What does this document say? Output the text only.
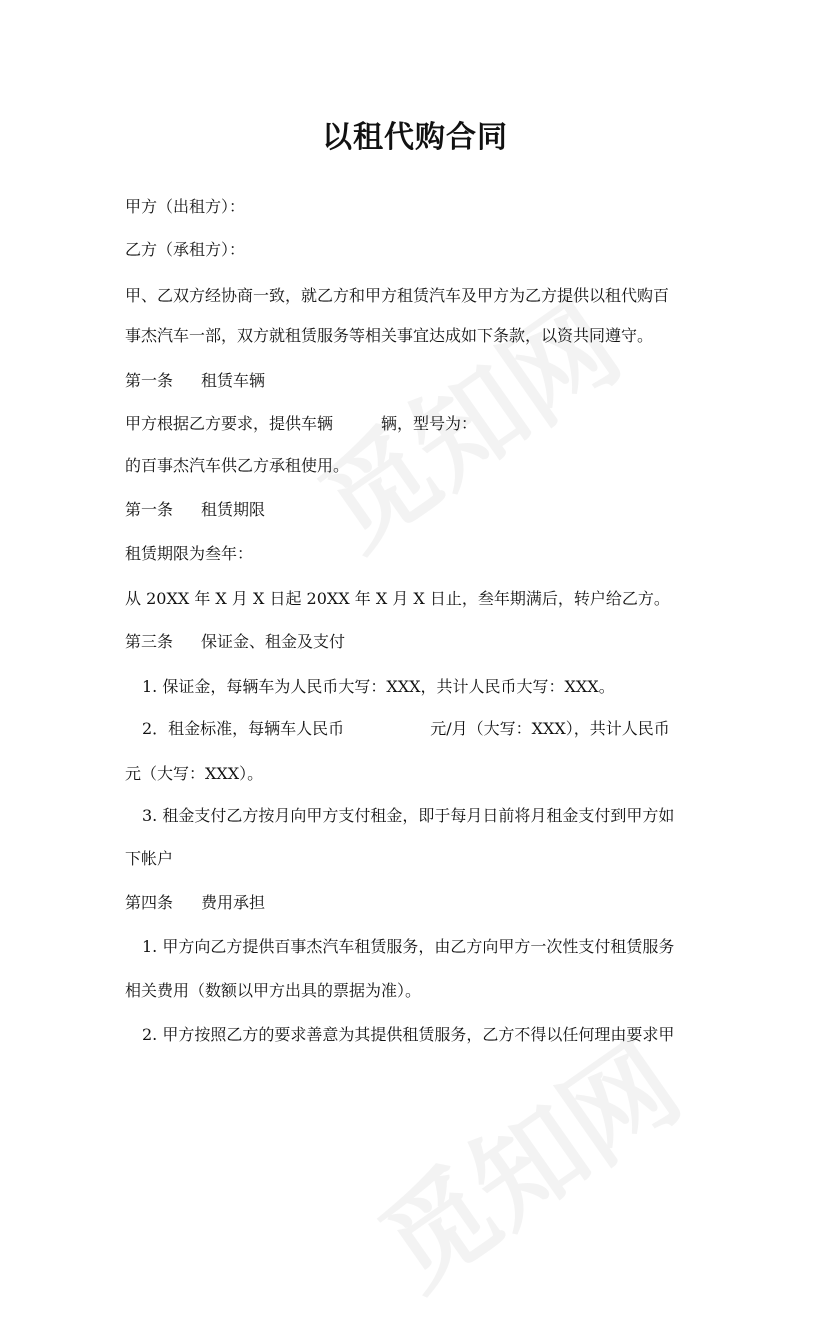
以租代购合同
甲方（出租方）：
乙方（承租方）：
甲、乙双方经协商一致，就乙方和甲方租赁汽车及甲方为乙方提供以租代购百
事杰汽车一部，双方就租赁服务等相关事宜达成如下条款，以资共同遵守。
第一条 租赁车辆
甲方根据乙方要求，提供车辆	辆，型号为：
的百事杰汽车供乙方承租使用。
第一条 租赁期限
租赁期限为叁年：
从 20XX 年 X 月 X 日起 20XX 年 X 月 X 日止，叁年期满后，转户给乙方。
第三条 保证金、租金及支付
1. 保证金，每辆车为人民币大写：XXX，共计人民币大写：XXX。
2．租金标准，每辆车人民币	元/月（大写：XXX），共计人民币
元（大写：XXX）。
3. 租金支付乙方按月向甲方支付租金，即于每月日前将月租金支付到甲方如
下帐户
第四条 费用承担
1. 甲方向乙方提供百事杰汽车租赁服务，由乙方向甲方一次性支付租赁服务
相关费用（数额以甲方出具的票据为准）。
2. 甲方按照乙方的要求善意为其提供租赁服务，乙方不得以任何理由要求甲
